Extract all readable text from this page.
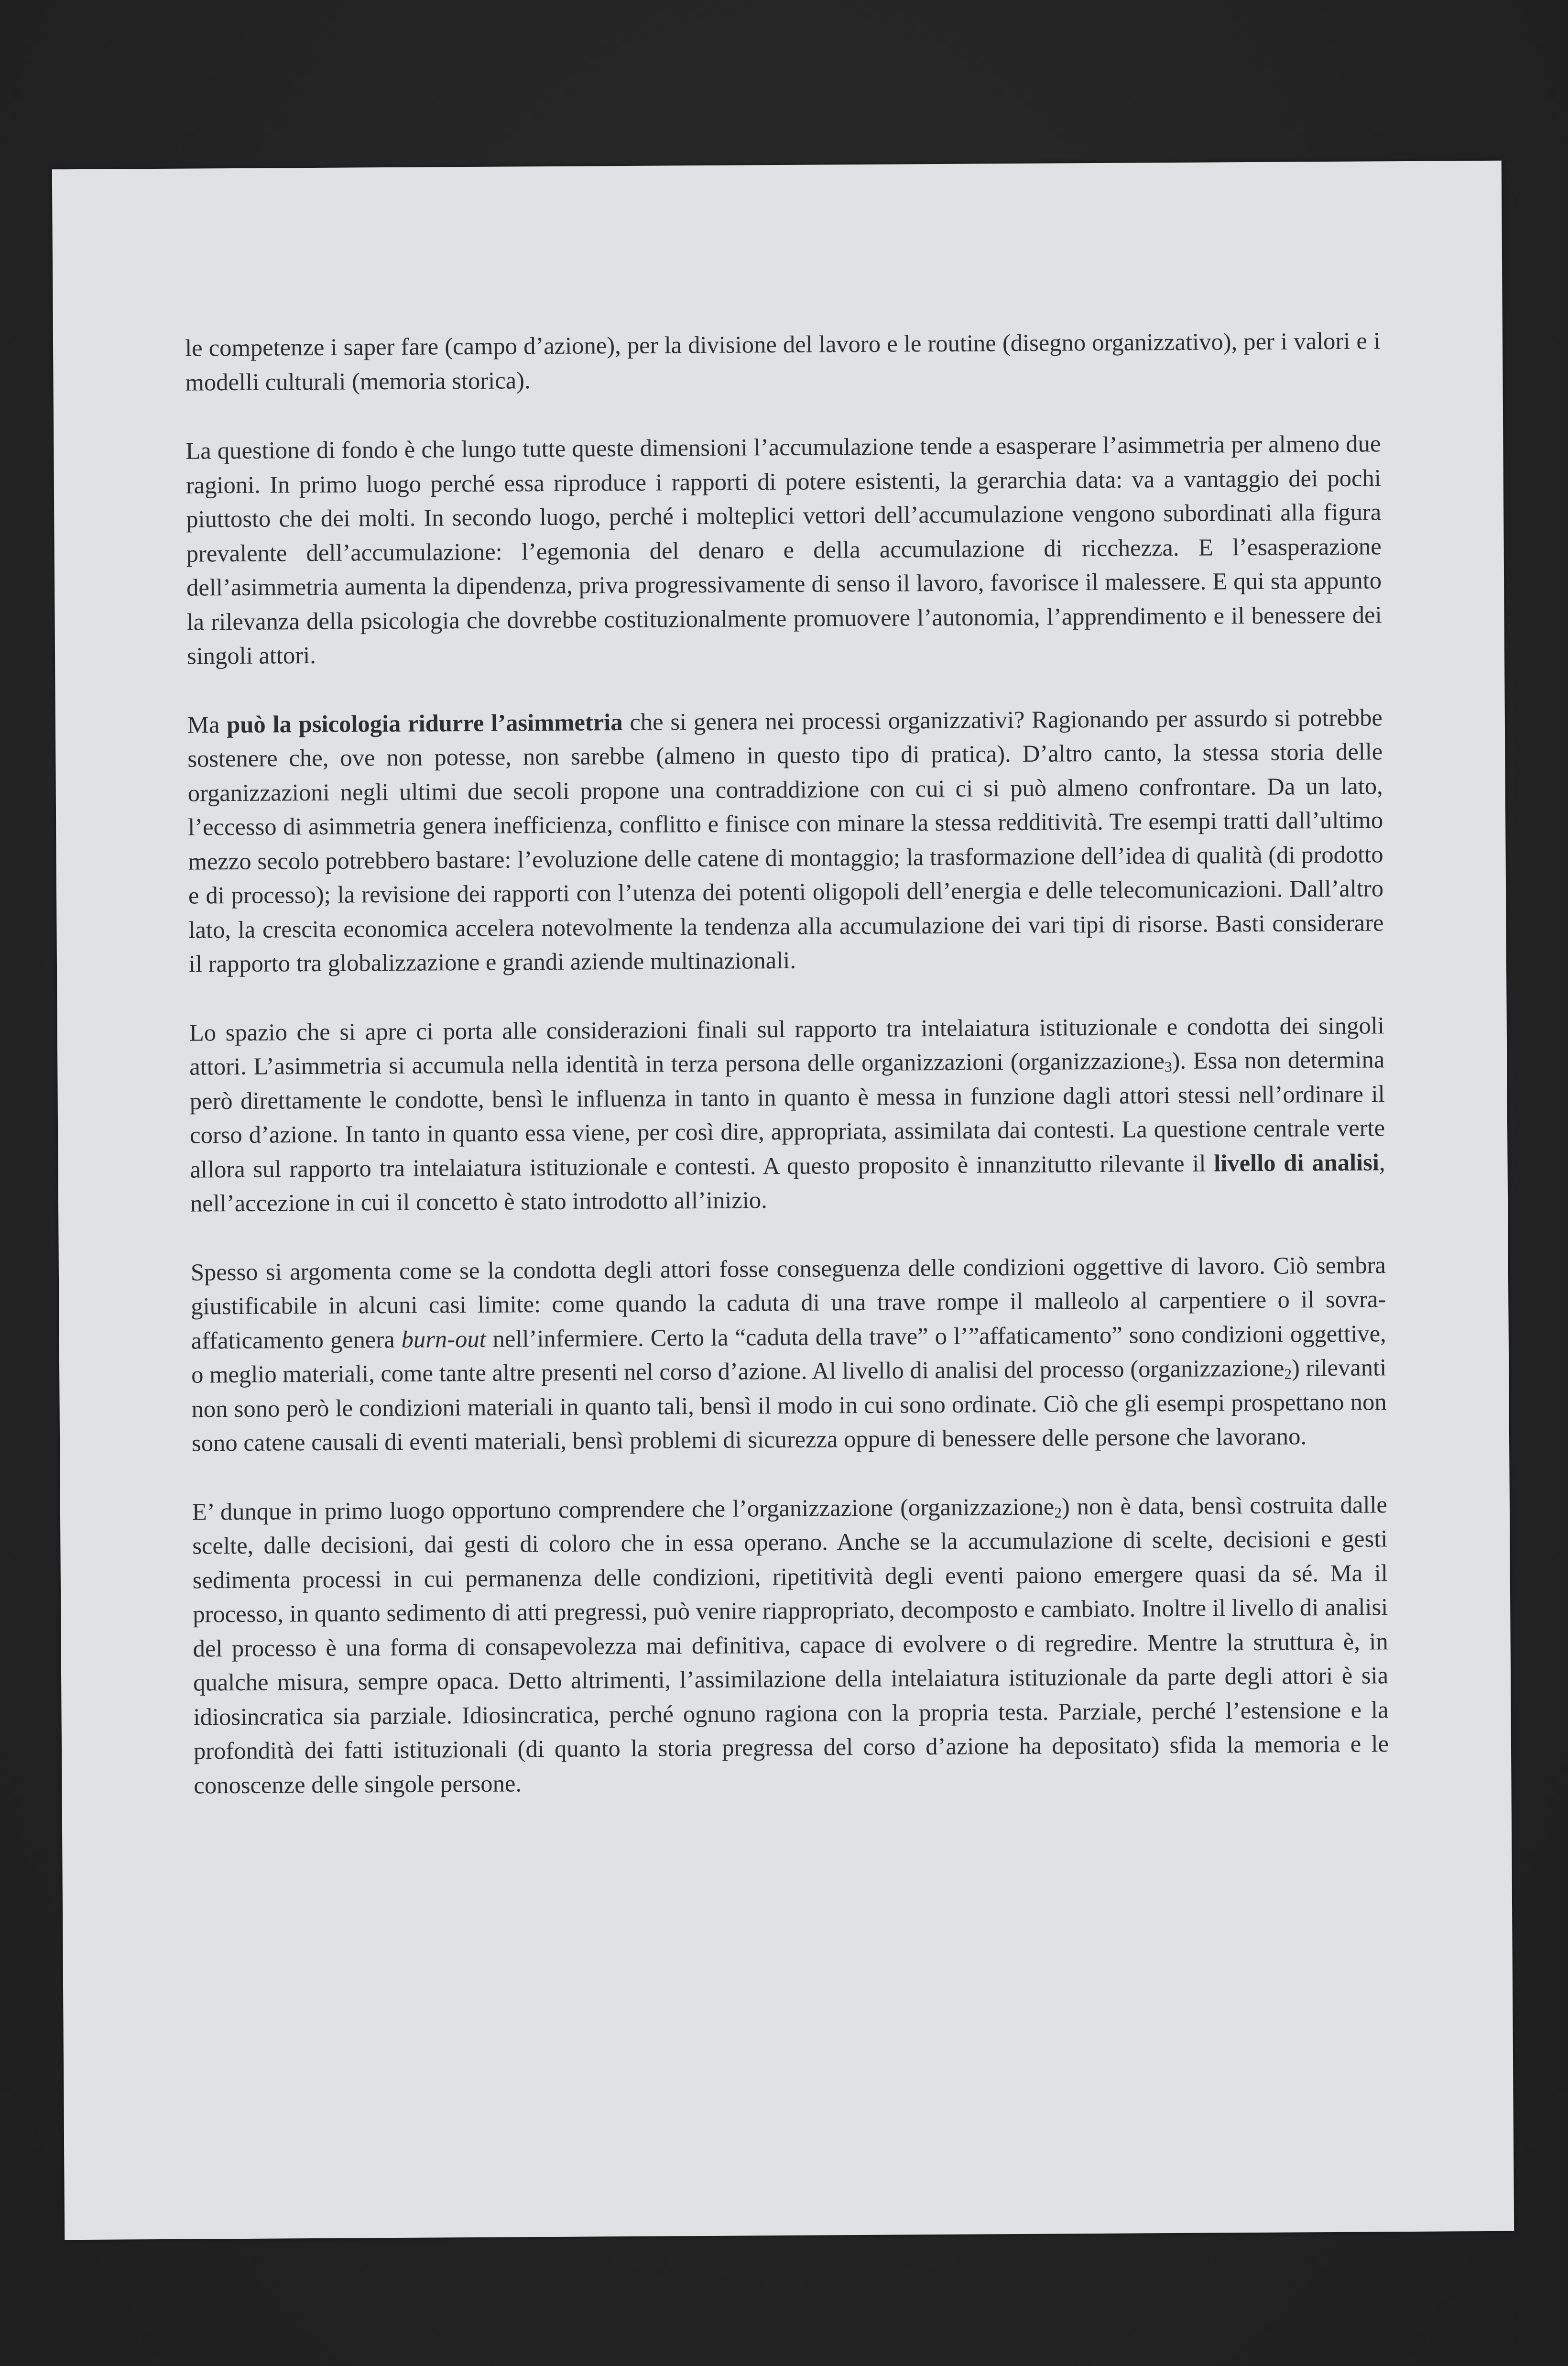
le competenze i saper fare (campo d’azione), per la divisione del lavoro e le routine (disegno organizzativo), per i valori e i modelli culturali (memoria storica).

La questione di fondo è che lungo tutte queste dimensioni l’accumulazione tende a esasperare l’asimmetria per almeno due ragioni. In primo luogo perché essa riproduce i rapporti di potere esistenti, la gerarchia data: va a vantaggio dei pochi piuttosto che dei molti. In secondo luogo, perché i molteplici vettori dell’accumulazione vengono subordinati alla figura prevalente dell’accumulazione: l’egemonia del denaro e della accumulazione di ricchezza. E l’esasperazione dell’asimmetria aumenta la dipendenza, priva progressivamente di senso il lavoro, favorisce il malessere. E qui sta appunto la rilevanza della psicologia che dovrebbe costituzionalmente promuovere l’autonomia, l’apprendimento e il benessere dei singoli attori.

Ma può la psicologia ridurre l’asimmetria che si genera nei processi organizzativi? Ragionando per assurdo si potrebbe sostenere che, ove non potesse, non sarebbe (almeno in questo tipo di pratica). D’altro canto, la stessa storia delle organizzazioni negli ultimi due secoli propone una contraddizione con cui ci si può almeno confrontare. Da un lato, l’eccesso di asimmetria genera inefficienza, conflitto e finisce con minare la stessa redditività. Tre esempi tratti dall’ultimo mezzo secolo potrebbero bastare: l’evoluzione delle catene di montaggio; la trasformazione dell’idea di qualità (di prodotto e di processo); la revisione dei rapporti con l’utenza dei potenti oligopoli dell’energia e delle telecomunicazioni. Dall’altro lato, la crescita economica accelera notevolmente la tendenza alla accumulazione dei vari tipi di risorse. Basti considerare il rapporto tra globalizzazione e grandi aziende multinazionali.

Lo spazio che si apre ci porta alle considerazioni finali sul rapporto tra intelaiatura istituzionale e condotta dei singoli attori. L’asimmetria si accumula nella identità in terza persona delle organizzazioni (organizzazione$_3$). Essa non determina però direttamente le condotte, bensì le influenza in tanto in quanto è messa in funzione dagli attori stessi nell’ordinare il corso d’azione. In tanto in quanto essa viene, per così dire, appropriata, assimilata dai contesti. La questione centrale verte allora sul rapporto tra intelaiatura istituzionale e contesti. A questo proposito è innanzitutto rilevante il livello di analisi, nell’accezione in cui il concetto è stato introdotto all’inizio.

Spesso si argomenta come se la condotta degli attori fosse conseguenza delle condizioni oggettive di lavoro. Ciò sembra giustificabile in alcuni casi limite: come quando la caduta di una trave rompe il malleolo al carpentiere o il sovra-affaticamento genera burn-out nell’infermiere. Certo la “caduta della trave” o l’”affaticamento” sono condizioni oggettive, o meglio materiali, come tante altre presenti nel corso d’azione. Al livello di analisi del processo (organizzazione$_2$) rilevanti non sono però le condizioni materiali in quanto tali, bensì il modo in cui sono ordinate. Ciò che gli esempi prospettano non sono catene causali di eventi materiali, bensì problemi di sicurezza oppure di benessere delle persone che lavorano.

E’ dunque in primo luogo opportuno comprendere che l’organizzazione (organizzazione$_2$) non è data, bensì costruita dalle scelte, dalle decisioni, dai gesti di coloro che in essa operano. Anche se la accumulazione di scelte, decisioni e gesti sedimenta processi in cui permanenza delle condizioni, ripetitività degli eventi paiono emergere quasi da sé. Ma il processo, in quanto sedimento di atti pregressi, può venire riappropriato, decomposto e cambiato. Inoltre il livello di analisi del processo è una forma di consapevolezza mai definitiva, capace di evolvere o di regredire. Mentre la struttura è, in qualche misura, sempre opaca. Detto altrimenti, l’assimilazione della intelaiatura istituzionale da parte degli attori è sia idiosincratica sia parziale. Idiosincratica, perché ognuno ragiona con la propria testa. Parziale, perché l’estensione e la profondità dei fatti istituzionali (di quanto la storia pregressa del corso d’azione ha depositato) sfida la memoria e le conoscenze delle singole persone.
